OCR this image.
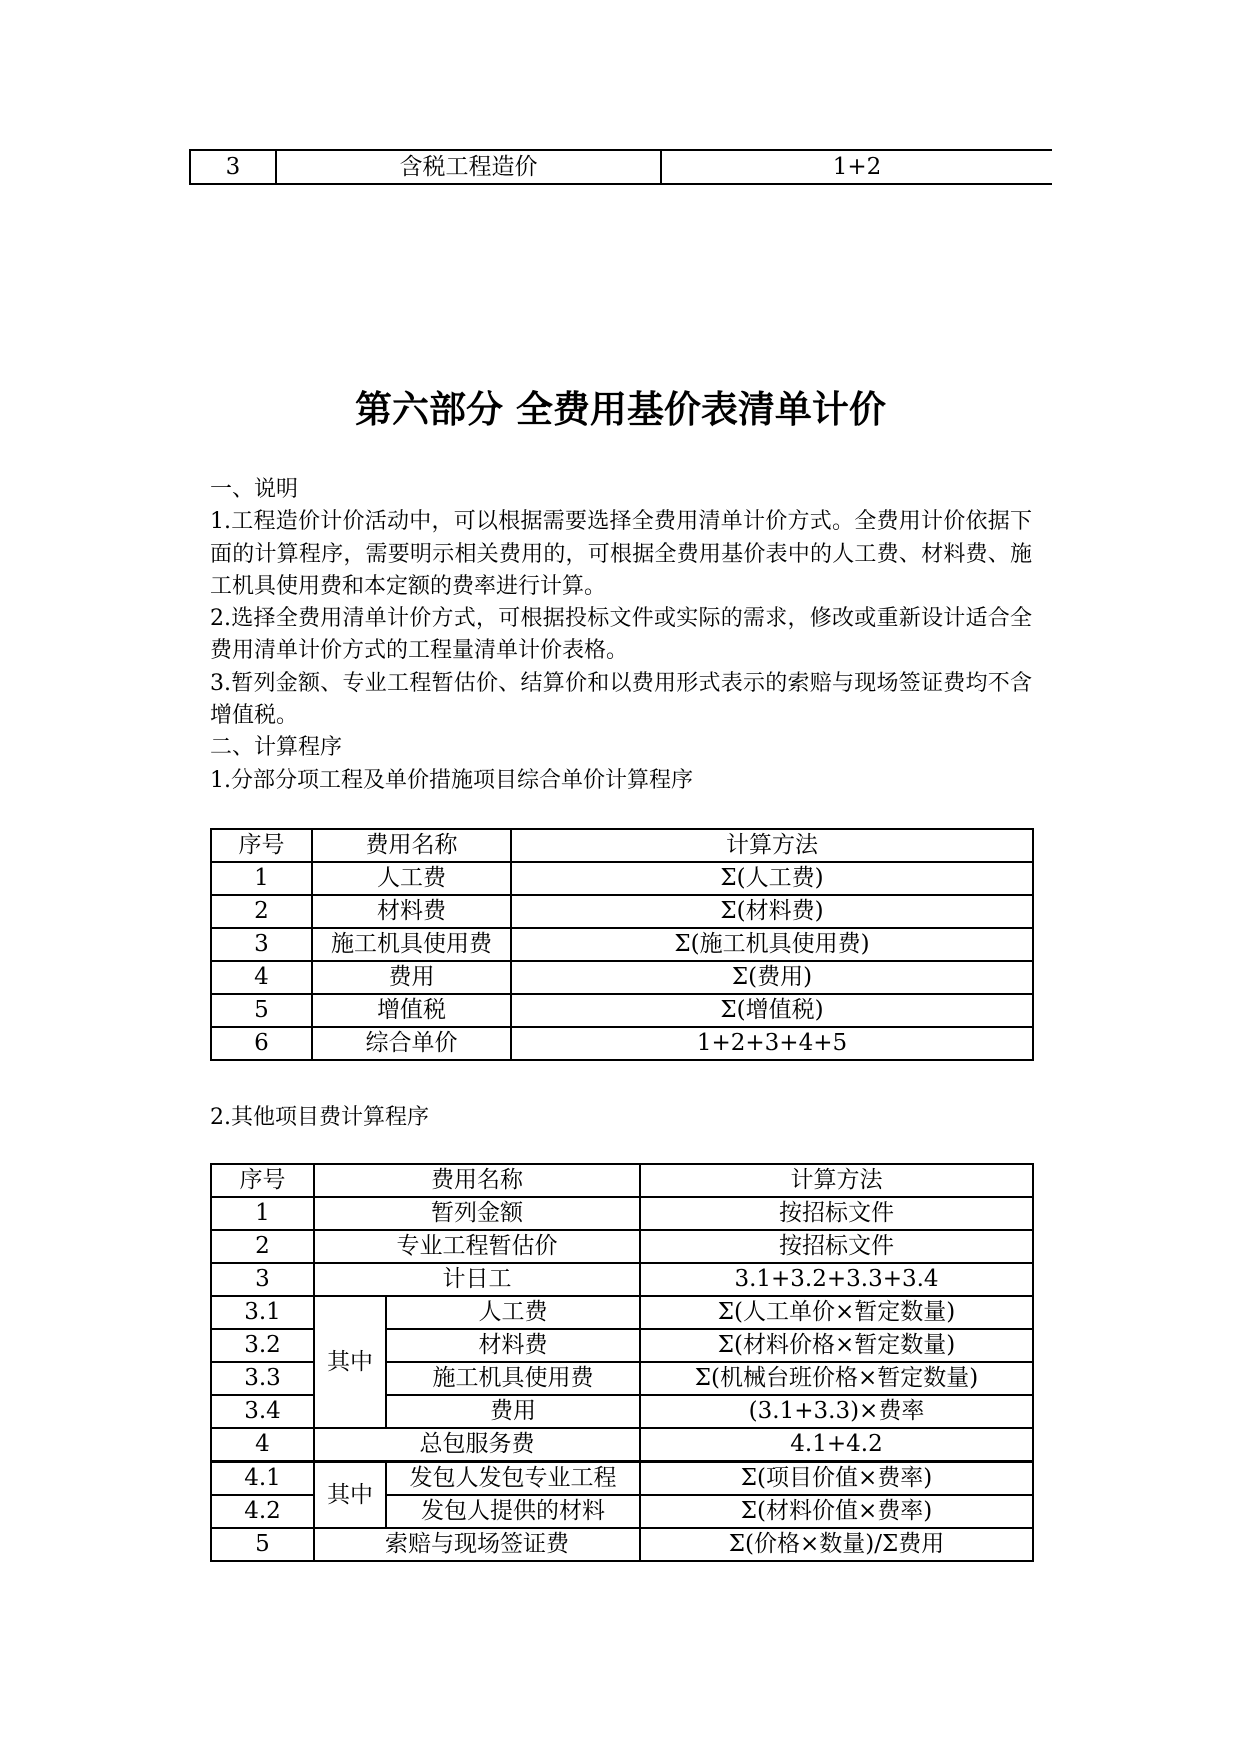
3	含税工程造价	1+2
第六部分 全费用基价表清单计价

一、说明

1.工程造价计价活动中，可以根据需要选择全费用清单计价方式。全费用计价依据下面的计算程序，需要明示相关费用的，可根据全费用基价表中的人工费、材料费、施工机具使用费和本定额的费率进行计算。

2.选择全费用清单计价方式，可根据投标文件或实际的需求，修改或重新设计适合全费用清单计价方式的工程量清单计价表格。

3.暂列金额、专业工程暂估价、结算价和以费用形式表示的索赔与现场签证费均不含增值税。

二、计算程序

1.分部分项工程及单价措施项目综合单价计算程序

序号	费用名称	计算方法
1	人工费	Σ(人工费)
2	材料费	Σ(材料费)
3	施工机具使用费	Σ(施工机具使用费)
4	费用	Σ(费用)
5	增值税	Σ(增值税)
6	综合单价	1+2+3+4+5

2.其他项目费计算程序

序号	费用名称		计算方法
1	暂列金额		按招标文件
2	专业工程暂估价		按招标文件
3	计日工		3.1+3.2+3.3+3.4
3.1	其中	人工费	Σ(人工单价×暂定数量)
3.2		材料费	Σ(材料价格×暂定数量)
3.3		施工机具使用费	Σ(机械台班价格×暂定数量)
3.4		费用	(3.1+3.3)×费率
4	总包服务费		4.1+4.2
4.1	其中	发包人发包专业工程	Σ(项目价值×费率)
4.2		发包人提供的材料	Σ(材料价值×费率)
5	索赔与现场签证费		Σ(价格×数量)/Σ费用
